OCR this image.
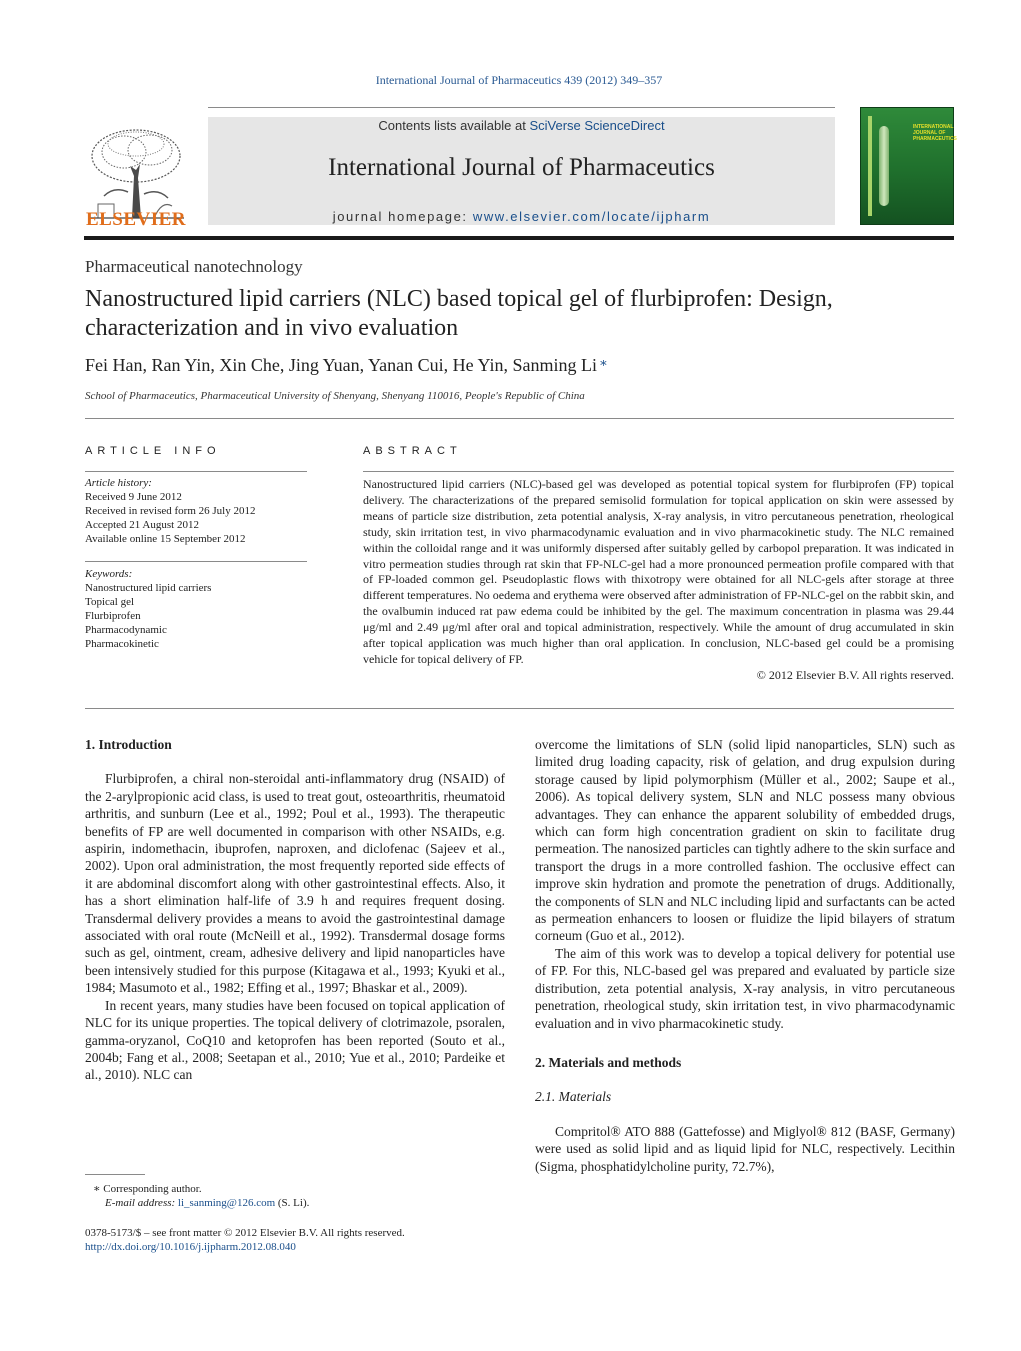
International Journal of Pharmaceutics 439 (2012) 349–357
ELSEVIER
Contents lists available at SciVerse ScienceDirect
International Journal of Pharmaceutics
journal homepage: www.elsevier.com/locate/ijpharm
INTERNATIONAL JOURNAL OF PHARMACEUTICS
Pharmaceutical nanotechnology
Nanostructured lipid carriers (NLC) based topical gel of flurbiprofen: Design, characterization and in vivo evaluation
Fei Han, Ran Yin, Xin Che, Jing Yuan, Yanan Cui, He Yin, Sanming Li ∗
School of Pharmaceutics, Pharmaceutical University of Shenyang, Shenyang 110016, People's Republic of China
ARTICLE INFO
Article history:
Received 9 June 2012
Received in revised form 26 July 2012
Accepted 21 August 2012
Available online 15 September 2012
Keywords:
Nanostructured lipid carriers
Topical gel
Flurbiprofen
Pharmacodynamic
Pharmacokinetic
ABSTRACT
Nanostructured lipid carriers (NLC)-based gel was developed as potential topical system for flurbiprofen (FP) topical delivery. The characterizations of the prepared semisolid formulation for topical application on skin were assessed by means of particle size distribution, zeta potential analysis, X-ray analysis, in vitro percutaneous penetration, rheological study, skin irritation test, in vivo pharmacodynamic evaluation and in vivo pharmacokinetic study. The NLC remained within the colloidal range and it was uniformly dispersed after suitably gelled by carbopol preparation. It was indicated in vitro permeation studies through rat skin that FP-NLC-gel had a more pronounced permeation profile compared with that of FP-loaded common gel. Pseudoplastic flows with thixotropy were obtained for all NLC-gels after storage at three different temperatures. No oedema and erythema were observed after administration of FP-NLC-gel on the rabbit skin, and the ovalbumin induced rat paw edema could be inhibited by the gel. The maximum concentration in plasma was 29.44 μg/ml and 2.49 μg/ml after oral and topical administration, respectively. While the amount of drug accumulated in skin after topical application was much higher than oral application. In conclusion, NLC-based gel could be a promising vehicle for topical delivery of FP.
© 2012 Elsevier B.V. All rights reserved.
1. Introduction

Flurbiprofen, a chiral non-steroidal anti-inflammatory drug (NSAID) of the 2-arylpropionic acid class, is used to treat gout, osteoarthritis, rheumatoid arthritis, and sunburn (Lee et al., 1992; Poul et al., 1993). The therapeutic benefits of FP are well documented in comparison with other NSAIDs, e.g. aspirin, indomethacin, ibuprofen, naproxen, and diclofenac (Sajeev et al., 2002). Upon oral administration, the most frequently reported side effects of it are abdominal discomfort along with other gastrointestinal effects. Also, it has a short elimination half-life of 3.9 h and requires frequent dosing. Transdermal delivery provides a means to avoid the gastrointestinal damage associated with oral route (McNeill et al., 1992). Transdermal dosage forms such as gel, ointment, cream, adhesive delivery and lipid nanoparticles have been intensively studied for this purpose (Kitagawa et al., 1993; Kyuki et al., 1984; Masumoto et al., 1982; Effing et al., 1997; Bhaskar et al., 2009).

In recent years, many studies have been focused on topical application of NLC for its unique properties. The topical delivery of clotrimazole, psoralen, gamma-oryzanol, CoQ10 and ketoprofen has been reported (Souto et al., 2004b; Fang et al., 2008; Seetapan et al., 2010; Yue et al., 2010; Pardeike et al., 2010). NLC can

overcome the limitations of SLN (solid lipid nanoparticles, SLN) such as limited drug loading capacity, risk of gelation, and drug expulsion during storage caused by lipid polymorphism (Müller et al., 2002; Saupe et al., 2006). As topical delivery system, SLN and NLC possess many obvious advantages. They can enhance the apparent solubility of embedded drugs, which can form high concentration gradient on skin to facilitate drug permeation. The nanosized particles can tightly adhere to the skin surface and transport the drugs in a more controlled fashion. The occlusive effect can improve skin hydration and promote the penetration of drugs. Additionally, the components of SLN and NLC including lipid and surfactants can be acted as permeation enhancers to loosen or fluidize the lipid bilayers of stratum corneum (Guo et al., 2012).

The aim of this work was to develop a topical delivery for potential use of FP. For this, NLC-based gel was prepared and evaluated by particle size distribution, zeta potential analysis, X-ray analysis, in vitro percutaneous penetration, rheological study, skin irritation test, in vivo pharmacodynamic evaluation and in vivo pharmacokinetic study.

2. Materials and methods
2.1. Materials

Compritol® ATO 888 (Gattefosse) and Miglyol® 812 (BASF, Germany) were used as solid lipid and as liquid lipid for NLC, respectively. Lecithin (Sigma, phosphatidylcholine purity, 72.7%),

∗ Corresponding author.
E-mail address: li_sanming@126.com (S. Li).
0378-5173/$ – see front matter © 2012 Elsevier B.V. All rights reserved.
http://dx.doi.org/10.1016/j.ijpharm.2012.08.040
